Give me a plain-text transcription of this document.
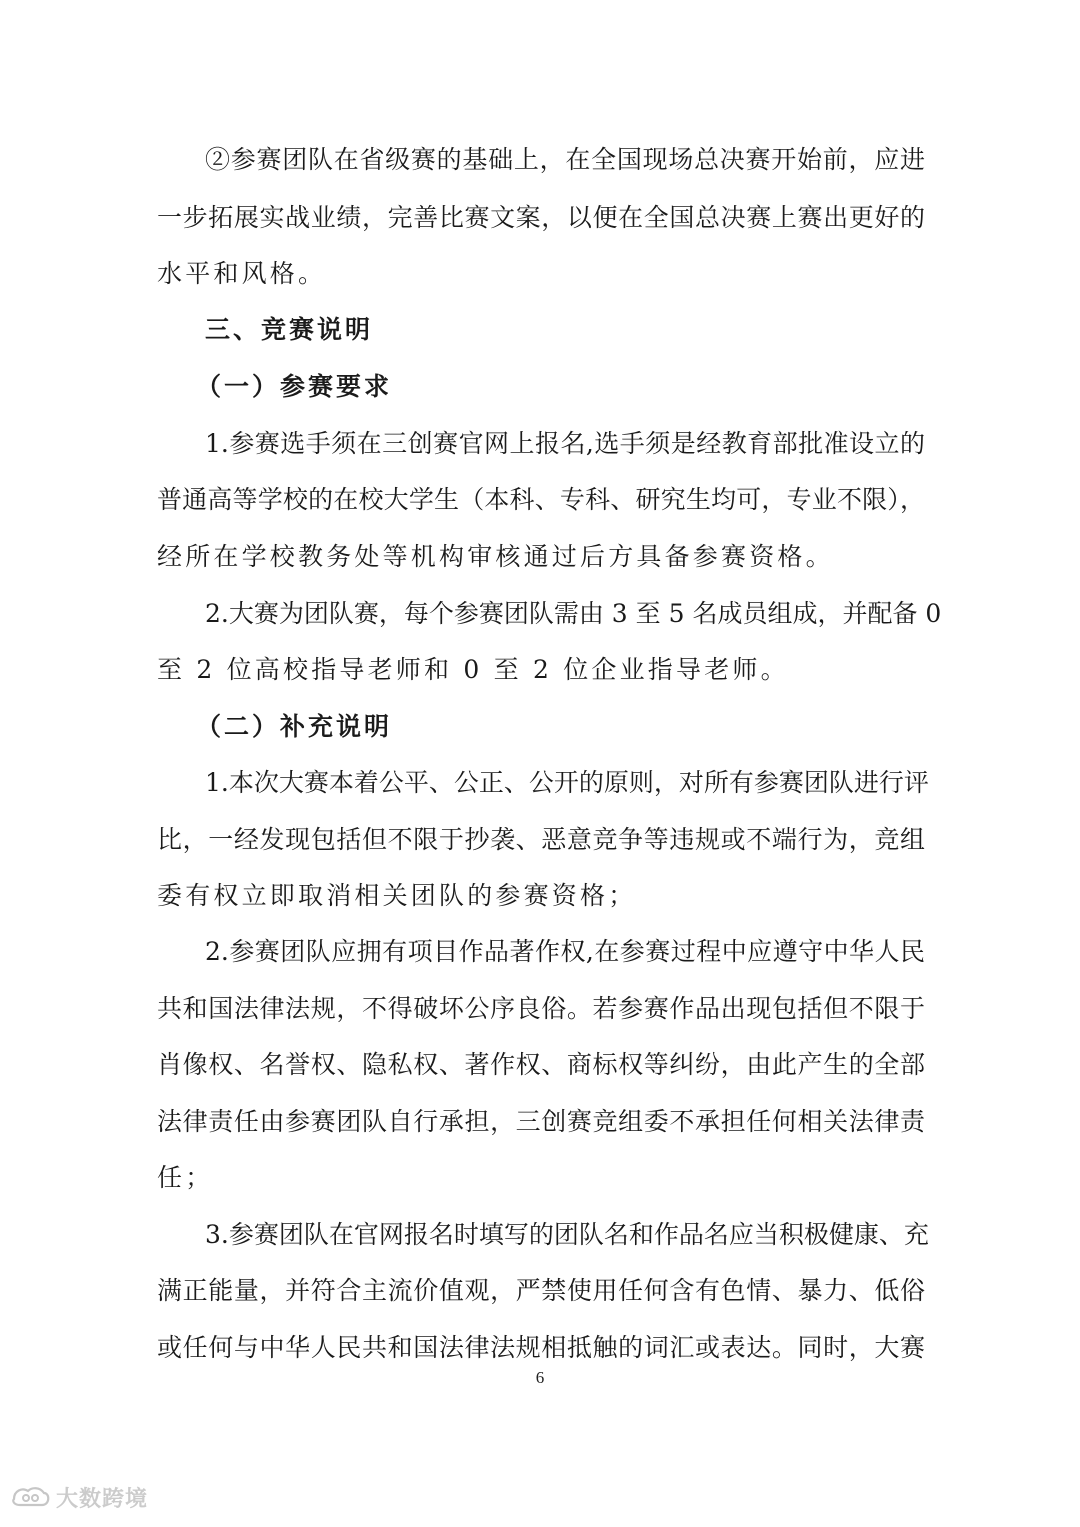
②参赛团队在省级赛的基础上，在全国现场总决赛开始前，应进
一步拓展实战业绩，完善比赛文案，以便在全国总决赛上赛出更好的
水平和风格。
三、竞赛说明
（一）参赛要求
1.参赛选手须在三创赛官网上报名,选手须是经教育部批准设立的
普通高等学校的在校大学生（本科、专科、研究生均可，专业不限），
经所在学校教务处等机构审核通过后方具备参赛资格。
2.大赛为团队赛，每个参赛团队需由 3 至 5 名成员组成，并配备 0
至 2 位高校指导老师和 0 至 2 位企业指导老师。
（二）补充说明
1.本次大赛本着公平、公正、公开的原则，对所有参赛团队进行评
比，一经发现包括但不限于抄袭、恶意竞争等违规或不端行为，竞组
委有权立即取消相关团队的参赛资格；
2.参赛团队应拥有项目作品著作权,在参赛过程中应遵守中华人民
共和国法律法规，不得破坏公序良俗。若参赛作品出现包括但不限于
肖像权、名誉权、隐私权、著作权、商标权等纠纷，由此产生的全部
法律责任由参赛团队自行承担，三创赛竞组委不承担任何相关法律责
任；
3.参赛团队在官网报名时填写的团队名和作品名应当积极健康、充
满正能量，并符合主流价值观，严禁使用任何含有色情、暴力、低俗
或任何与中华人民共和国法律法规相抵触的词汇或表达。同时，大赛
6
大数跨境
